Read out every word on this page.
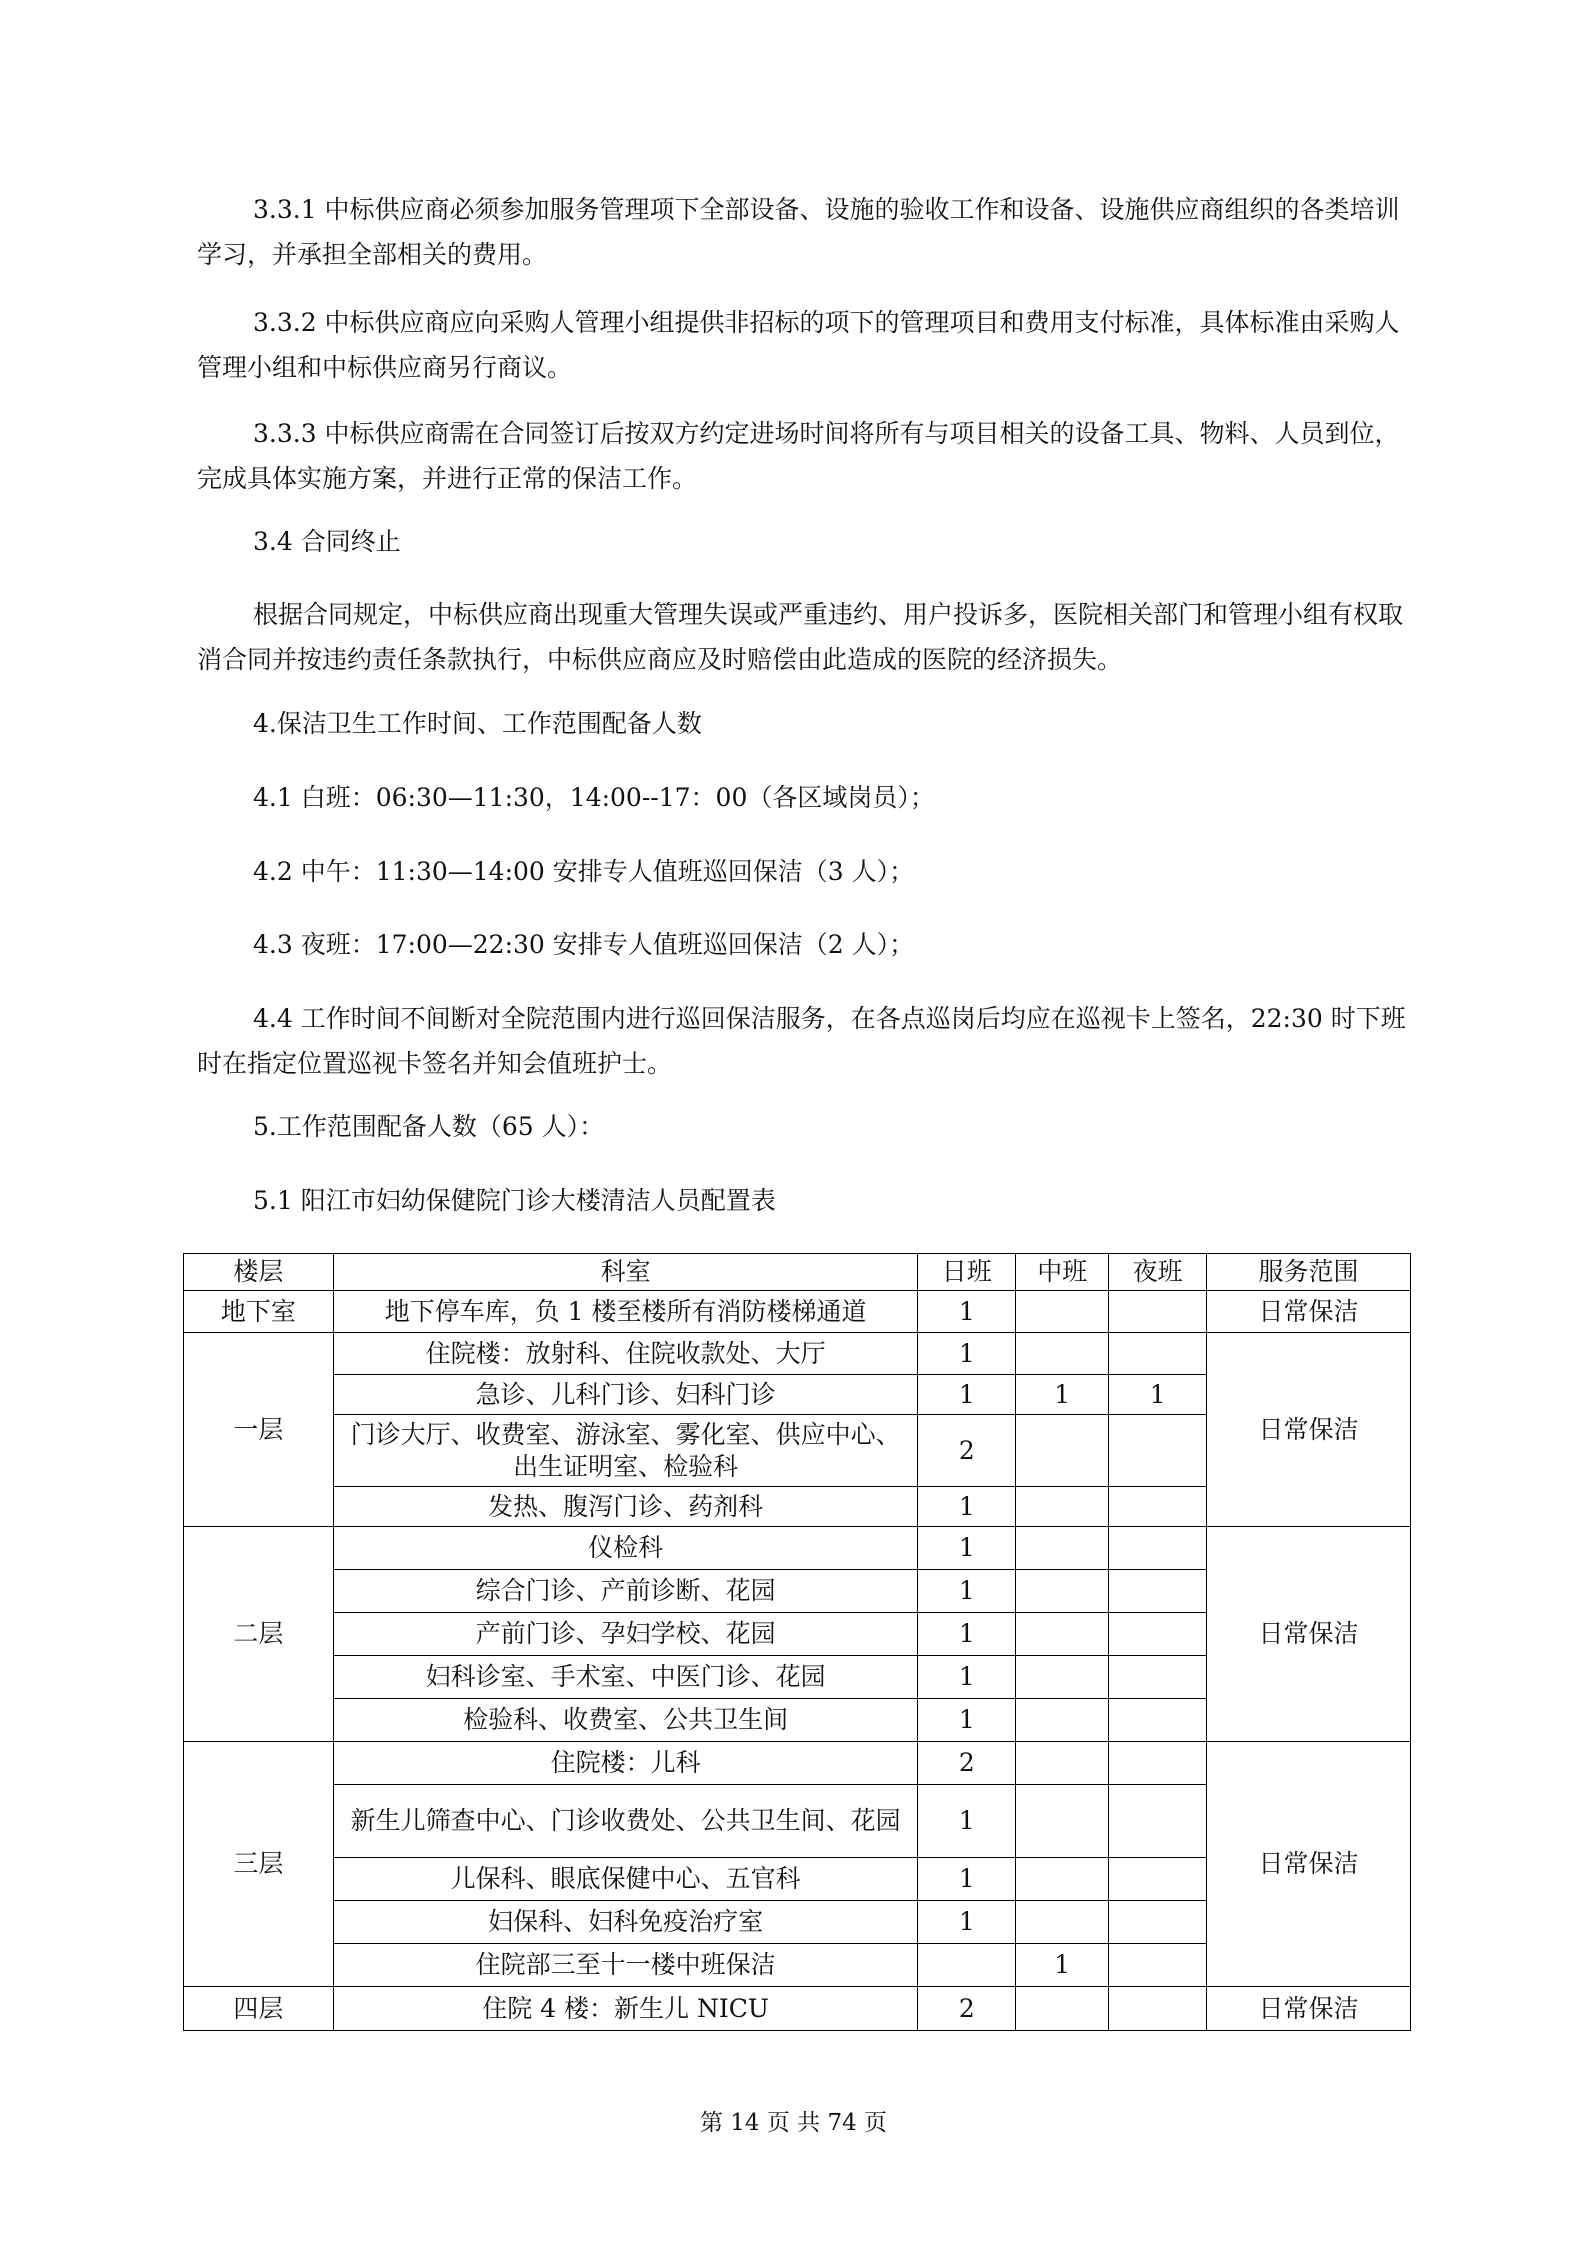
3.3.1 中标供应商必须参加服务管理项下全部设备、设施的验收工作和设备、设施供应商组织的各类培训学习，并承担全部相关的费用。

3.3.2 中标供应商应向采购人管理小组提供非招标的项下的管理项目和费用支付标准，具体标准由采购人管理小组和中标供应商另行商议。

3.3.3 中标供应商需在合同签订后按双方约定进场时间将所有与项目相关的设备工具、物料、人员到位，完成具体实施方案，并进行正常的保洁工作。

3.4 合同终止

根据合同规定，中标供应商出现重大管理失误或严重违约、用户投诉多，医院相关部门和管理小组有权取消合同并按违约责任条款执行，中标供应商应及时赔偿由此造成的医院的经济损失。

4.保洁卫生工作时间、工作范围配备人数

4.1 白班：06:30—11:30，14:00--17：00（各区域岗员）；

4.2 中午：11:30—14:00 安排专人值班巡回保洁（3 人）；

4.3 夜班：17:00—22:30 安排专人值班巡回保洁（2 人）；

4.4 工作时间不间断对全院范围内进行巡回保洁服务，在各点巡岗后均应在巡视卡上签名，22:30 时下班时在指定位置巡视卡签名并知会值班护士。

5.工作范围配备人数（65 人）：

5.1 阳江市妇幼保健院门诊大楼清洁人员配置表

楼层	科室	日班	中班	夜班	服务范围
地下室	地下停车库，负 1 楼至楼所有消防楼梯通道	1			日常保洁
一层	住院楼：放射科、住院收款处、大厅	1			日常保洁
	急诊、儿科门诊、妇科门诊	1	1	1	
	门诊大厅、收费室、游泳室、雾化室、供应中心、出生证明室、检验科	2			
	发热、腹泻门诊、药剂科	1			
二层	仪检科	1			日常保洁
	综合门诊、产前诊断、花园	1			
	产前门诊、孕妇学校、花园	1			
	妇科诊室、手术室、中医门诊、花园	1			
	检验科、收费室、公共卫生间	1			
三层	住院楼：儿科	2			日常保洁
	新生儿筛查中心、门诊收费处、公共卫生间、花园	1			
	儿保科、眼底保健中心、五官科	1			
	妇保科、妇科免疫治疗室	1			
	住院部三至十一楼中班保洁		1		
四层	住院 4 楼：新生儿 NICU	2			日常保洁
第 14 页 共 74 页
